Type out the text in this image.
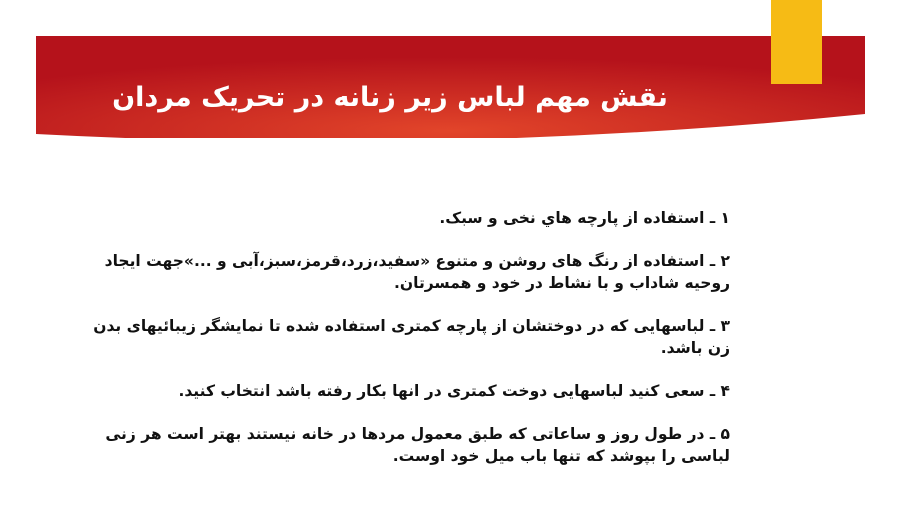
نقش مهم لباس زیر زنانه در تحریک مردان

۱ ـ استفاده از پارچه هاي نخی و سبک.

۲ ـ استفاده از رنگ های روشن و متنوع «سفید،زرد،قرمز،سبز،آبی و ...»جهت ایجاد روحیه شاداب و با نشاط در خود و همسرتان.

۳ ـ لباسهایی که در دوختشان از پارچه کمتری استفاده شده تا نمایشگر زیبائیهای بدن زن باشد.

۴ ـ سعی کنید لباسهایی دوخت کمتری در انها بکار رفته باشد انتخاب کنید.

۵ ـ در طول روز و ساعاتی که طبق معمول مردها در خانه نیستند بهتر است هر زنی لباسی را بپوشد که تنها باب میل خود اوست.
